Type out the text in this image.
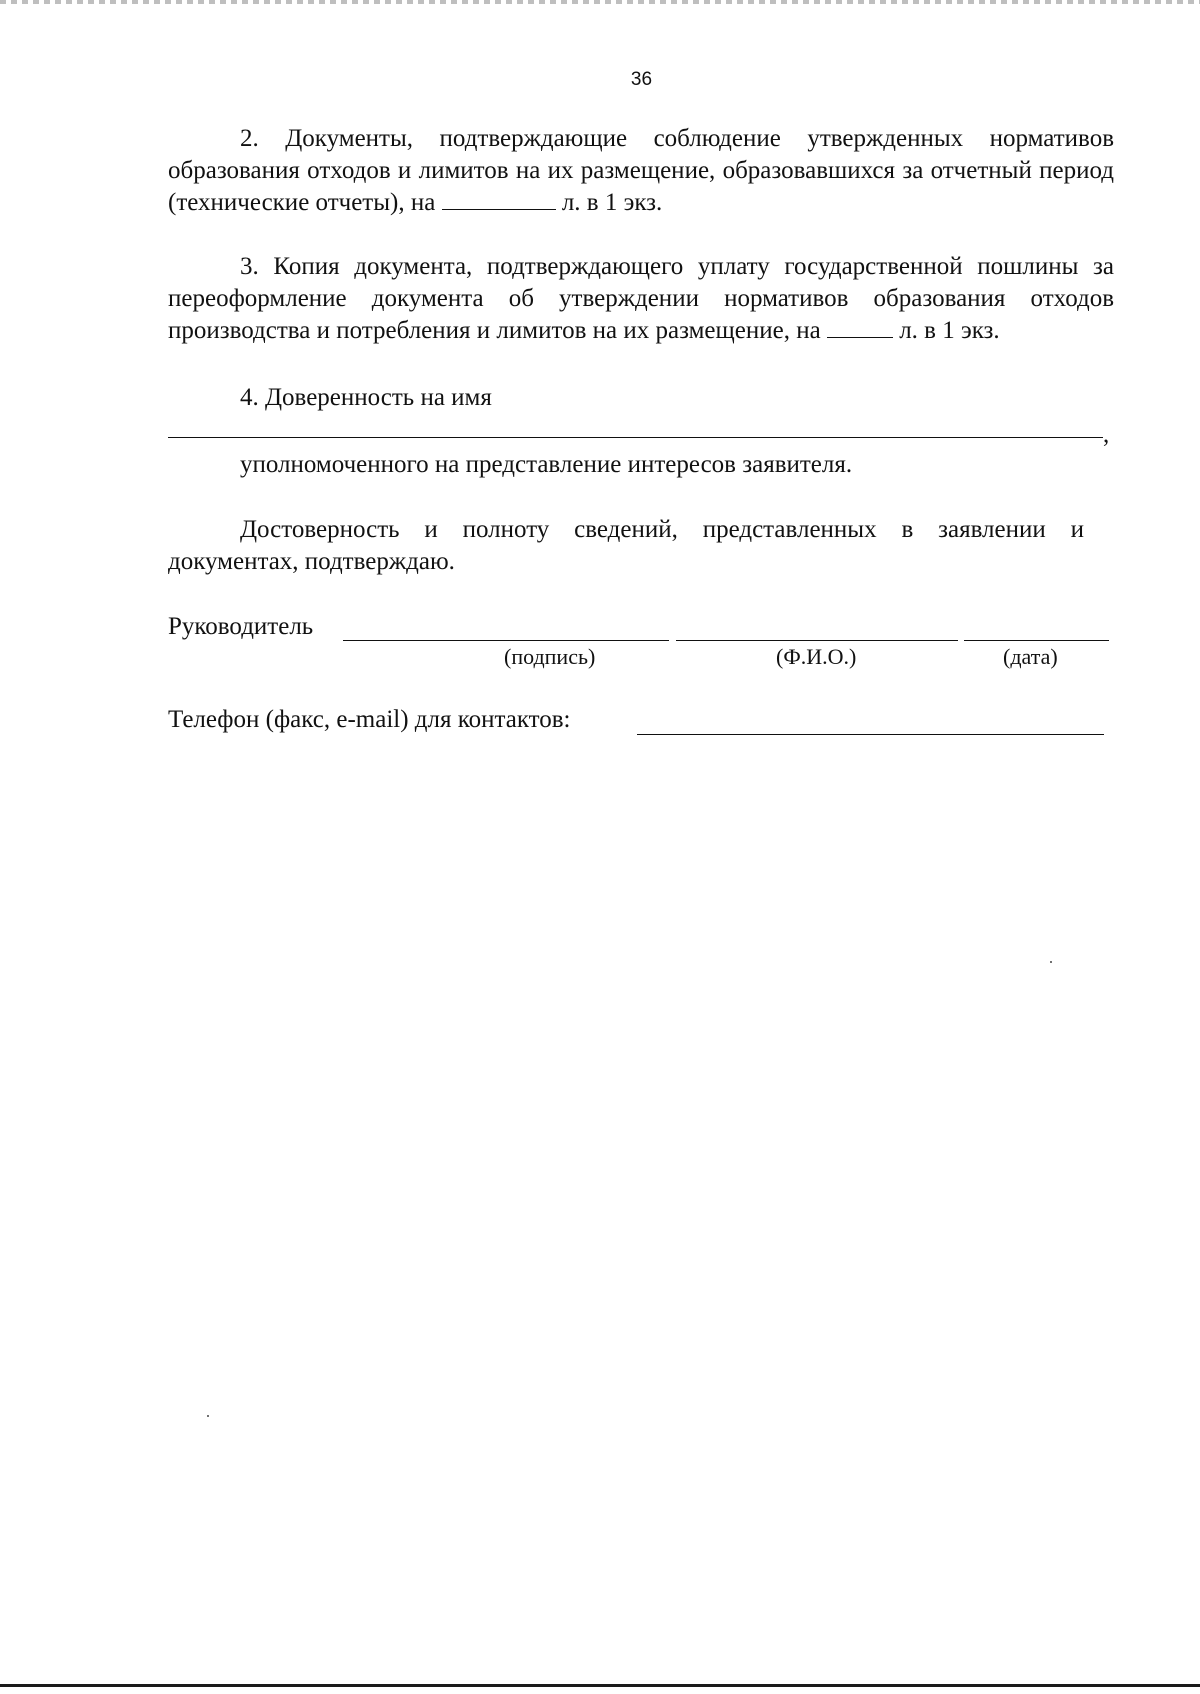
36

2. Документы, подтверждающие соблюдение утвержденных нормативов образования отходов и лимитов на их размещение, образовавшихся за отчетный период (технические отчеты), на	л. в 1 экз.

3. Копия документа, подтверждающего уплату государственной пошлины за переоформление документа об утверждении нормативов образования отходов производства и потребления и лимитов на их размещение, на	л. в 1 экз.

4. Доверенность на имя

,

уполномоченного на представление интересов заявителя.

Достоверность и полноту сведений, представленных в заявлении и документах, подтверждаю.

Руководитель

(подпись)	(Ф.И.О.)	(дата)

Телефон (факс, e-mail) для контактов:
